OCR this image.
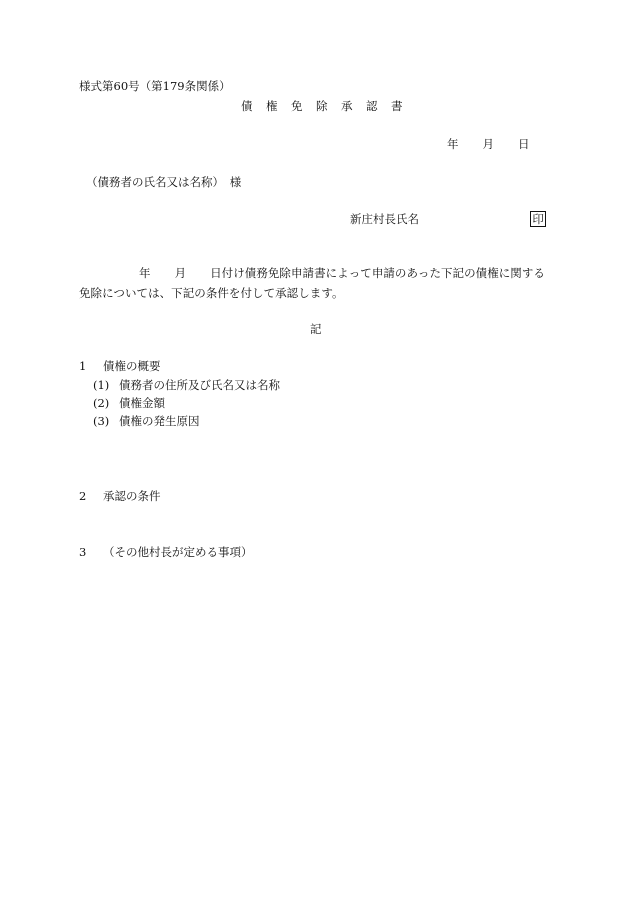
様式第60号（第179条関係）
債 権 免 除 承 認 書
年 月 日
（債務者の氏名又は名称）　様
新庄村長氏名	印
年 月 日付け債務免除申請書によって申請のあった下記の債権に関する
免除については、下記の条件を付して承認します。
記
1 債権の概要
(1) 債務者の住所及び氏名又は名称
(2) 債権金額
(3) 債権の発生原因
2 承認の条件
3 （その他村長が定める事項）
